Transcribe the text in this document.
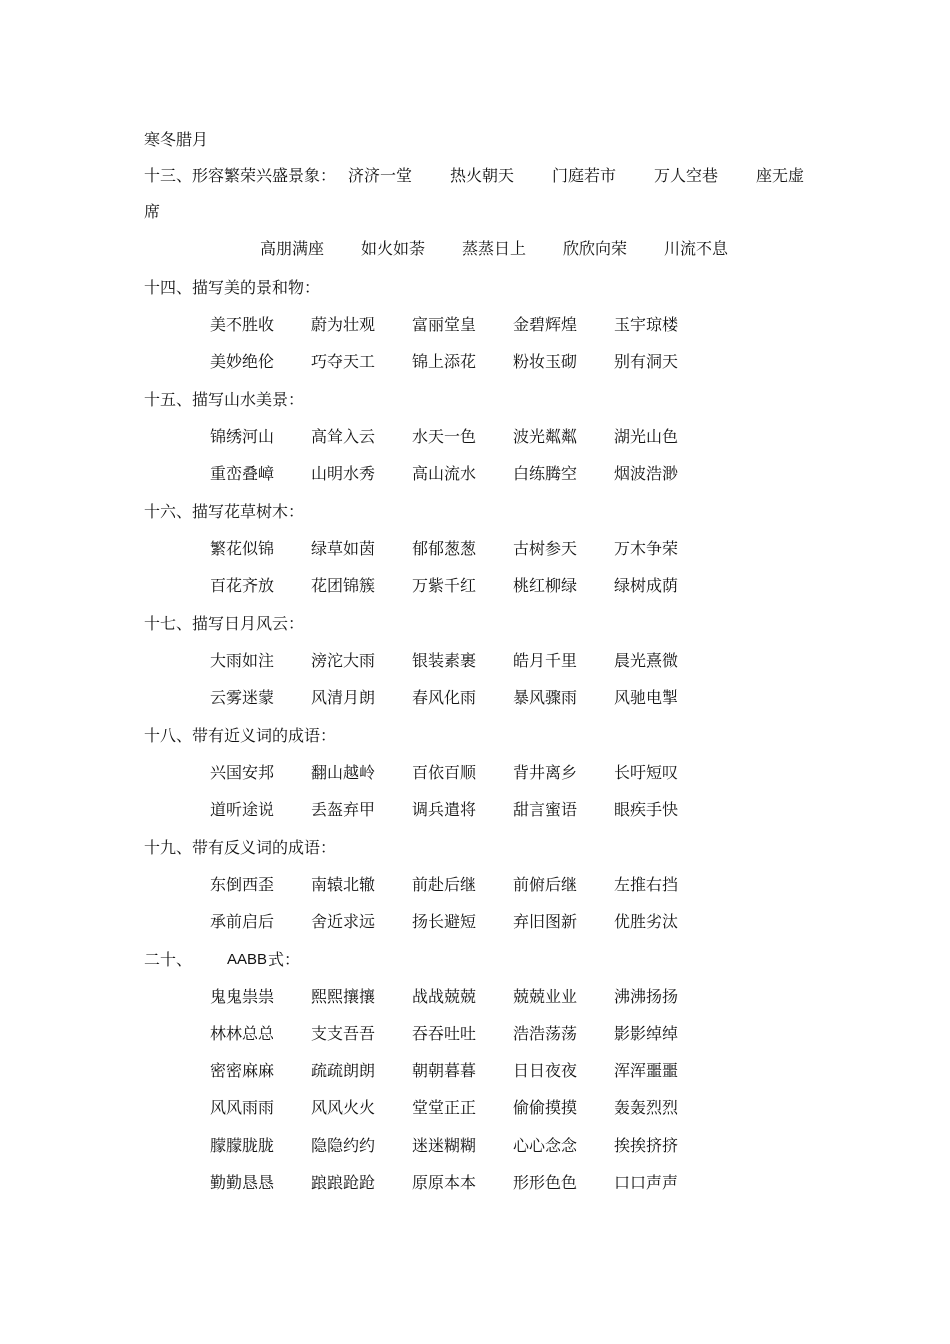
寒冬腊月
十三、形容繁荣兴盛景象： 济济一堂 热火朝天 门庭若市 万人空巷 座无虚
席
高朋满座 如火如荼 蒸蒸日上 欣欣向荣 川流不息
十四、描写美的景和物：
美不胜收 蔚为壮观 富丽堂皇 金碧辉煌 玉宇琼楼
美妙绝伦 巧夺天工 锦上添花 粉妆玉砌 别有洞天
十五、描写山水美景：
锦绣河山 高耸入云 水天一色 波光粼粼 湖光山色
重峦叠嶂 山明水秀 高山流水 白练腾空 烟波浩渺
十六、描写花草树木：
繁花似锦 绿草如茵 郁郁葱葱 古树参天 万木争荣
百花齐放 花团锦簇 万紫千红 桃红柳绿 绿树成荫
十七、描写日月风云：
大雨如注 滂沱大雨 银装素裹 皓月千里 晨光熹微
云雾迷蒙 风清月朗 春风化雨 暴风骤雨 风驰电掣
十八、带有近义词的成语：
兴国安邦 翻山越岭 百依百顺 背井离乡 长吁短叹
道听途说 丢盔弃甲 调兵遣将 甜言蜜语 眼疾手快
十九、带有反义词的成语：
东倒西歪 南辕北辙 前赴后继 前俯后继 左推右挡
承前启后 舍近求远 扬长避短 弃旧图新 优胜劣汰
二十、 AABB 式：
鬼鬼祟祟 熙熙攘攘 战战兢兢 兢兢业业 沸沸扬扬
林林总总 支支吾吾 吞吞吐吐 浩浩荡荡 影影绰绰
密密麻麻 疏疏朗朗 朝朝暮暮 日日夜夜 浑浑噩噩
风风雨雨 风风火火 堂堂正正 偷偷摸摸 轰轰烈烈
朦朦胧胧 隐隐约约 迷迷糊糊 心心念念 挨挨挤挤
勤勤恳恳 踉踉跄跄 原原本本 形形色色 口口声声
